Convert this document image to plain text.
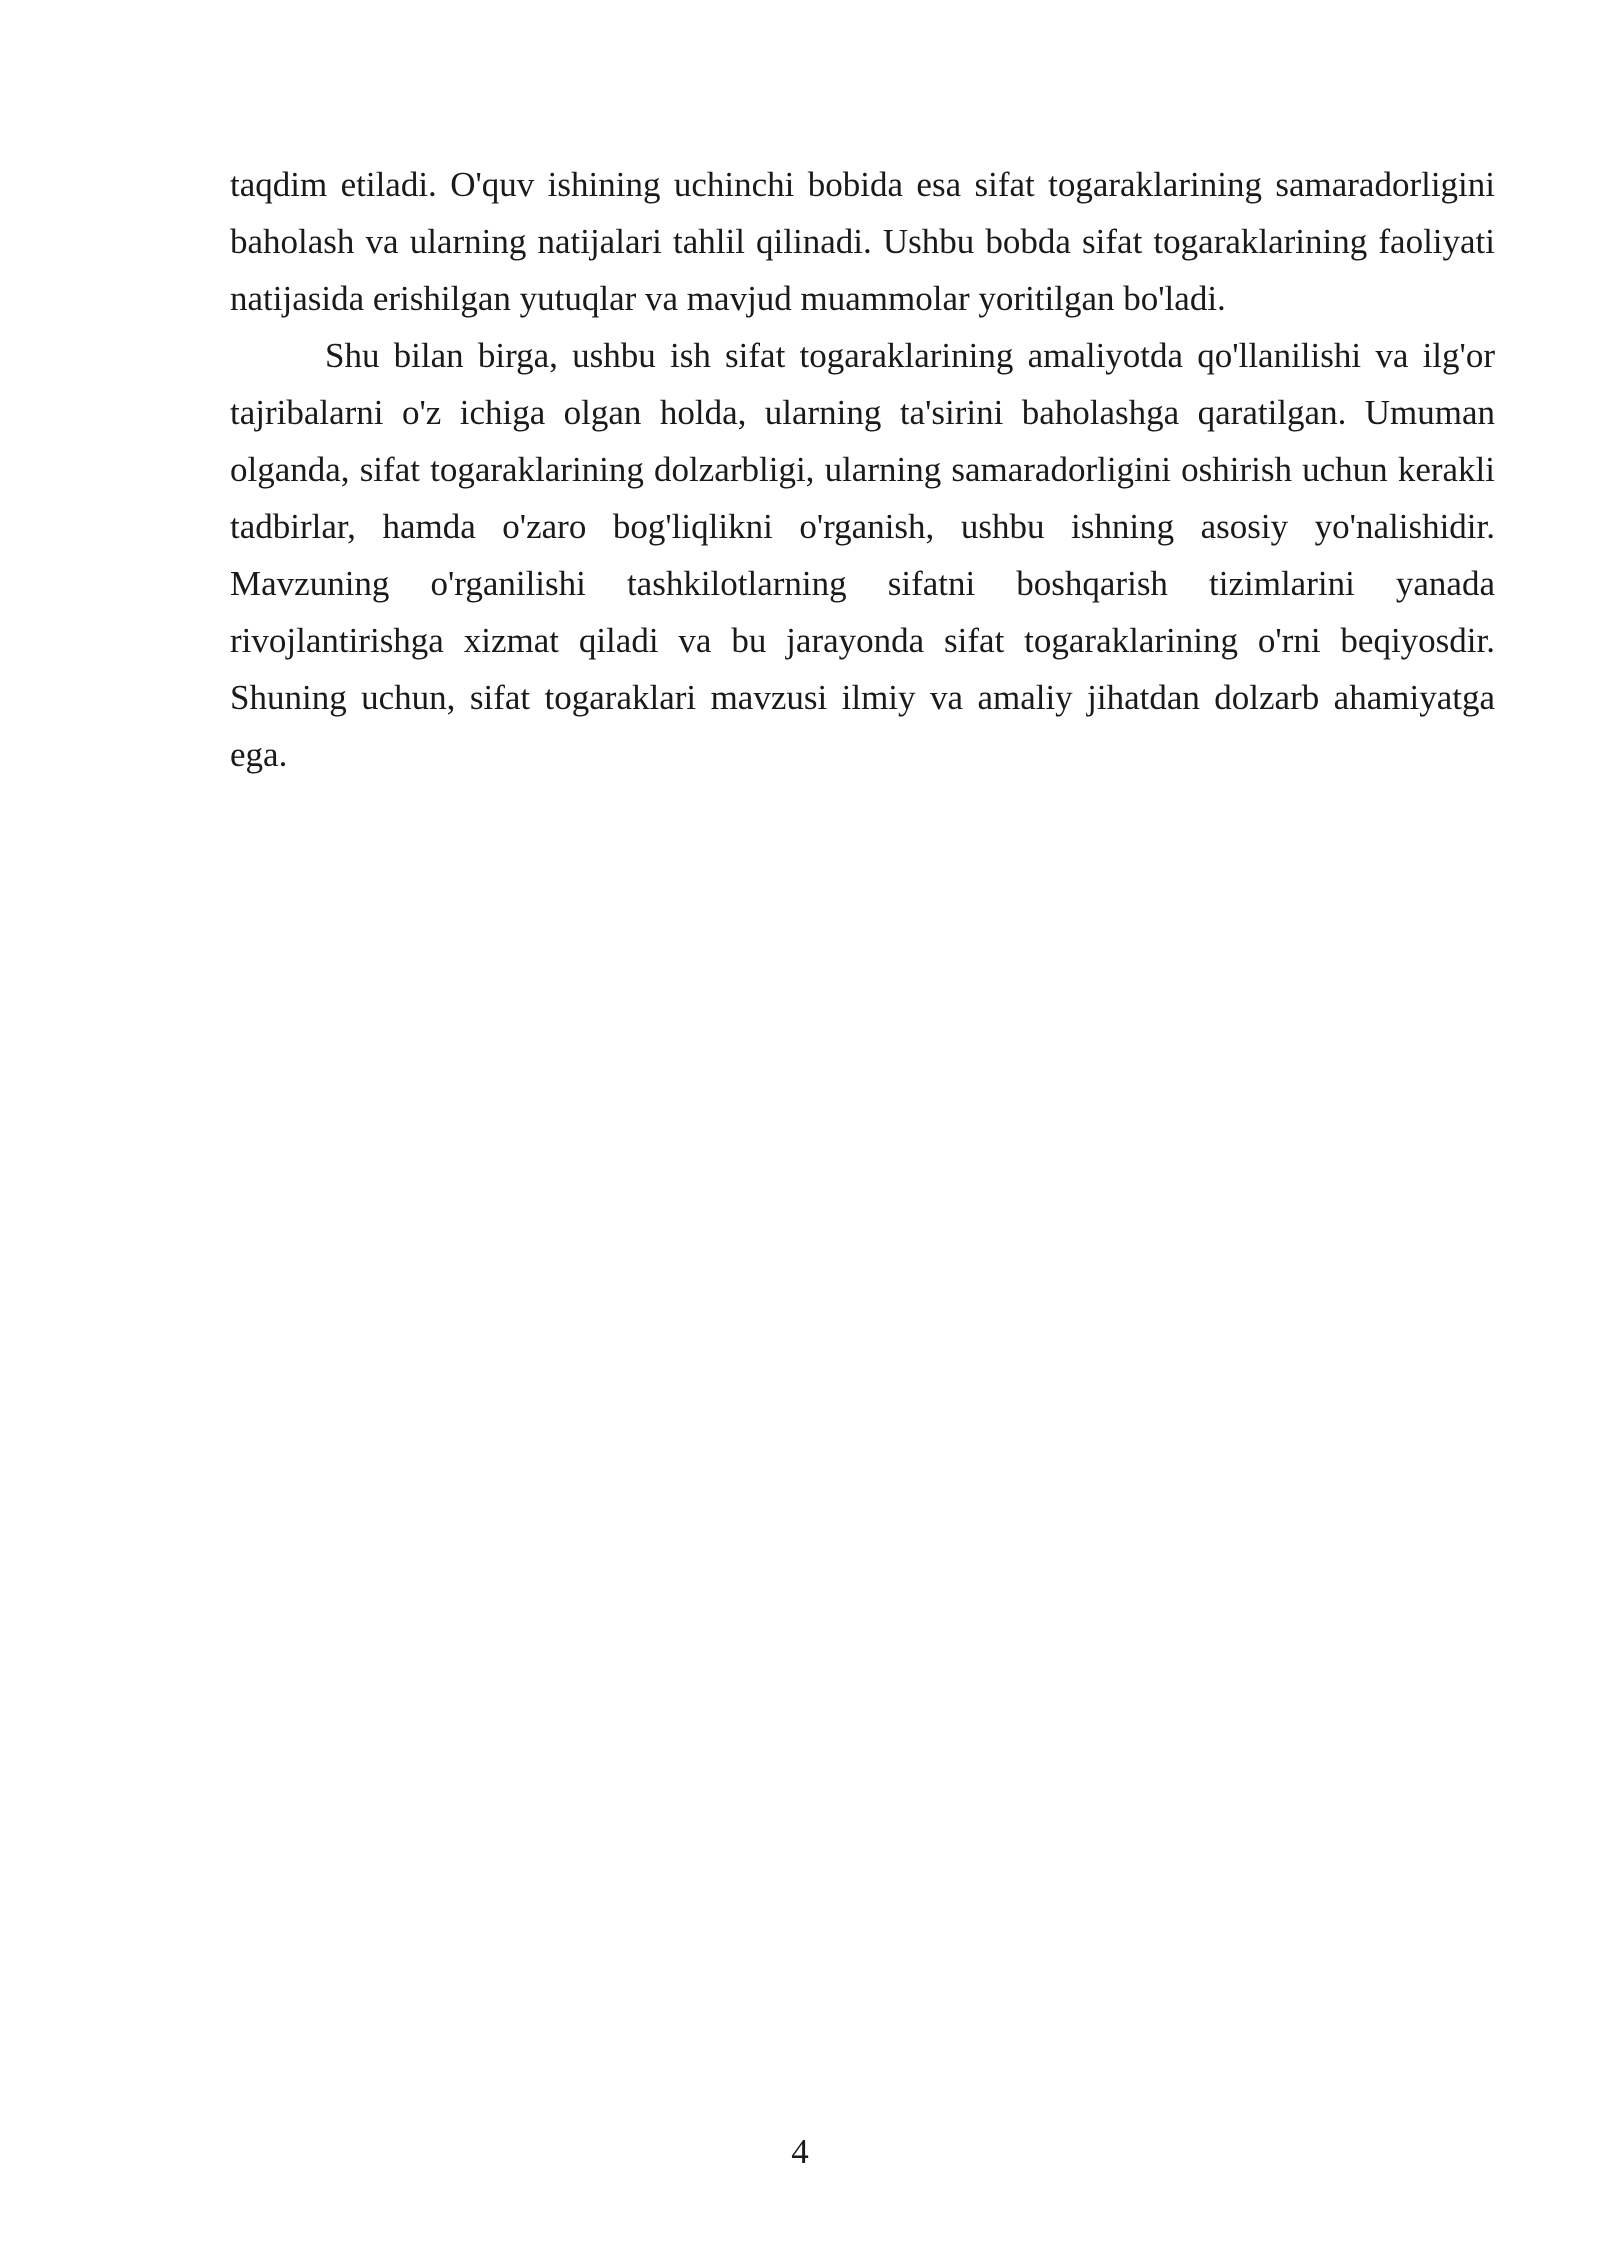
taqdim etiladi. O'quv ishining uchinchi bobida esa sifat togaraklarining samaradorligini baholash va ularning natijalari tahlil qilinadi. Ushbu bobda sifat togaraklarining faoliyati natijasida erishilgan yutuqlar va mavjud muammolar yoritilgan bo'ladi.

Shu bilan birga, ushbu ish sifat togaraklarining amaliyotda qo'llanilishi va ilg'or tajribalarni o'z ichiga olgan holda, ularning ta'sirini baholashga qaratilgan. Umuman olganda, sifat togaraklarining dolzarbligi, ularning samaradorligini oshirish uchun kerakli tadbirlar, hamda o'zaro bog'liqlikni o'rganish, ushbu ishning asosiy yo'nalishidir. Mavzuning o'rganilishi tashkilotlarning sifatni boshqarish tizimlarini yanada rivojlantirishga xizmat qiladi va bu jarayonda sifat togaraklarining o'rni beqiyosdir. Shuning uchun, sifat togaraklari mavzusi ilmiy va amaliy jihatdan dolzarb ahamiyatga ega.

4
